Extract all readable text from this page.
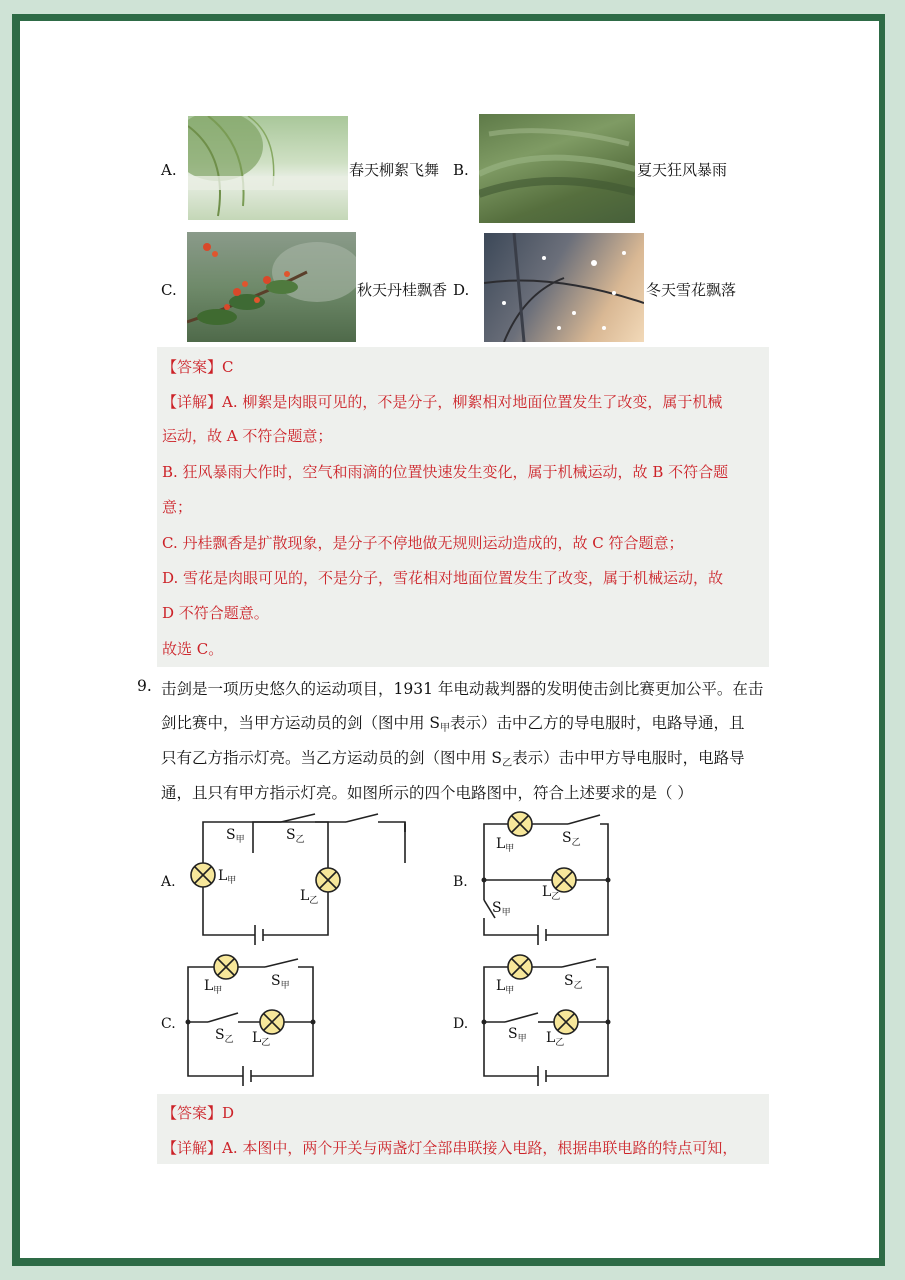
A.	春天柳絮飞舞 B.	夏天狂风暴雨
C.	秋天丹桂飘香 D.	冬天雪花飘落
【答案】C
【详解】A. 柳絮是肉眼可见的，不是分子，柳絮相对地面位置发生了改变，属于机械
运动，故 A 不符合题意；
B. 狂风暴雨大作时，空气和雨滴的位置快速发生变化，属于机械运动，故 B 不符合题
意；
C. 丹桂飘香是扩散现象，是分子不停地做无规则运动造成的，故 C 符合题意；
D. 雪花是肉眼可见的，不是分子，雪花相对地面位置发生了改变，属于机械运动，故
D 不符合题意。
故选 C。
9. 击剑是一项历史悠久的运动项目，1931 年电动裁判器的发明使击剑比赛更加公平。在击
剑比赛中，当甲方运动员的剑（图中用 $S_甲$表示）击中乙方的导电服时，电路导通，且
只有乙方指示灯亮。当乙方运动员的剑（图中用 $S_乙$表示）击中甲方导电服时，电路导
通，且只有甲方指示灯亮。如图所示的四个电路图中，符合上述要求的是（ ）
A.
$S_甲$	$S_乙$
$L_甲$
$L_乙$
B.
$L_甲$
$S_乙$
$L_乙$
$S_甲$
C.
$L_甲$
$S_甲$
$S_乙$ $L_乙$
D.
$L_甲$
$S_乙$
$S_甲$ $L_乙$
【答案】D
【详解】A. 本图中，两个开关与两盏灯全部串联接入电路，根据串联电路的特点可知，
